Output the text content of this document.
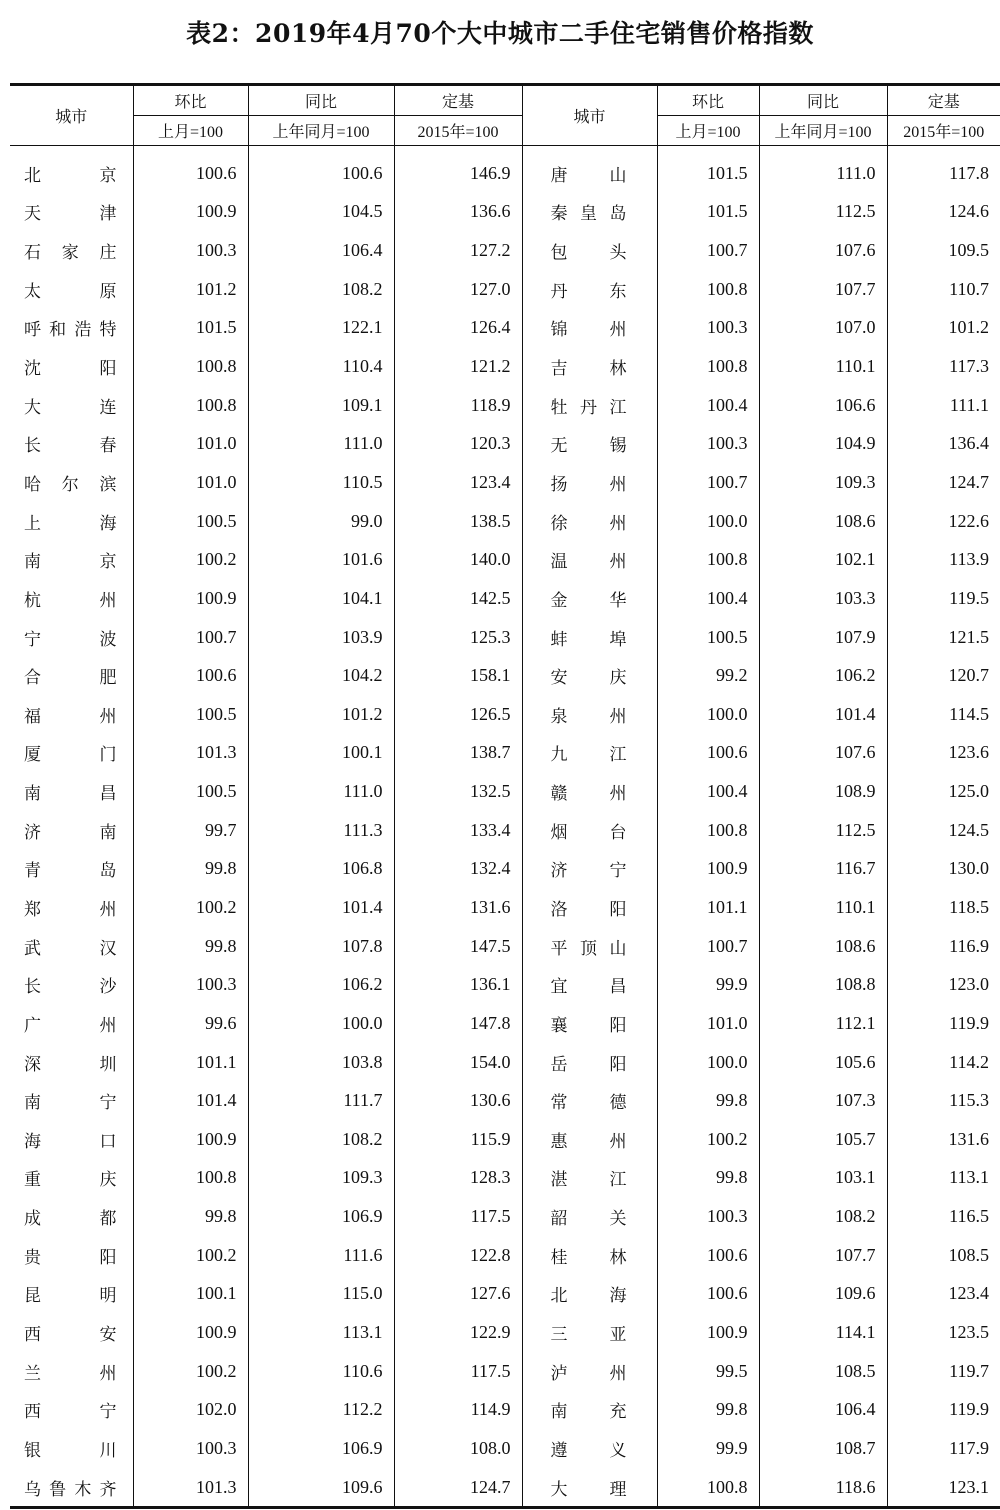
表2：2019年4月70个大中城市二手住宅销售价格指数
城市	环比	同比	定基	城市	环比	同比	定基
	上月=100	上年同月=100	2015年=100		上月=100	上年同月=100	2015年=100

北京	100.6	100.6	146.9	唐山	101.5	111.0	117.8

天津	100.9	104.5	136.6	秦皇岛	101.5	112.5	124.6

石家庄	100.3	106.4	127.2	包头	100.7	107.6	109.5

太原	101.2	108.2	127.0	丹东	100.8	107.7	110.7

呼和浩特	101.5	122.1	126.4	锦州	100.3	107.0	101.2

沈阳	100.8	110.4	121.2	吉林	100.8	110.1	117.3

大连	100.8	109.1	118.9	牡丹江	100.4	106.6	111.1

长春	101.0	111.0	120.3	无锡	100.3	104.9	136.4

哈尔滨	101.0	110.5	123.4	扬州	100.7	109.3	124.7

上海	100.5	99.0	138.5	徐州	100.0	108.6	122.6

南京	100.2	101.6	140.0	温州	100.8	102.1	113.9

杭州	100.9	104.1	142.5	金华	100.4	103.3	119.5

宁波	100.7	103.9	125.3	蚌埠	100.5	107.9	121.5

合肥	100.6	104.2	158.1	安庆	99.2	106.2	120.7

福州	100.5	101.2	126.5	泉州	100.0	101.4	114.5

厦门	101.3	100.1	138.7	九江	100.6	107.6	123.6

南昌	100.5	111.0	132.5	赣州	100.4	108.9	125.0

济南	99.7	111.3	133.4	烟台	100.8	112.5	124.5

青岛	99.8	106.8	132.4	济宁	100.9	116.7	130.0

郑州	100.2	101.4	131.6	洛阳	101.1	110.1	118.5

武汉	99.8	107.8	147.5	平顶山	100.7	108.6	116.9

长沙	100.3	106.2	136.1	宜昌	99.9	108.8	123.0

广州	99.6	100.0	147.8	襄阳	101.0	112.1	119.9

深圳	101.1	103.8	154.0	岳阳	100.0	105.6	114.2

南宁	101.4	111.7	130.6	常德	99.8	107.3	115.3

海口	100.9	108.2	115.9	惠州	100.2	105.7	131.6

重庆	100.8	109.3	128.3	湛江	99.8	103.1	113.1

成都	99.8	106.9	117.5	韶关	100.3	108.2	116.5

贵阳	100.2	111.6	122.8	桂林	100.6	107.7	108.5

昆明	100.1	115.0	127.6	北海	100.6	109.6	123.4

西安	100.9	113.1	122.9	三亚	100.9	114.1	123.5

兰州	100.2	110.6	117.5	泸州	99.5	108.5	119.7

西宁	102.0	112.2	114.9	南充	99.8	106.4	119.9

银川	100.3	106.9	108.0	遵义	99.9	108.7	117.9

乌鲁木齐	101.3	109.6	124.7	大理	100.8	118.6	123.1
